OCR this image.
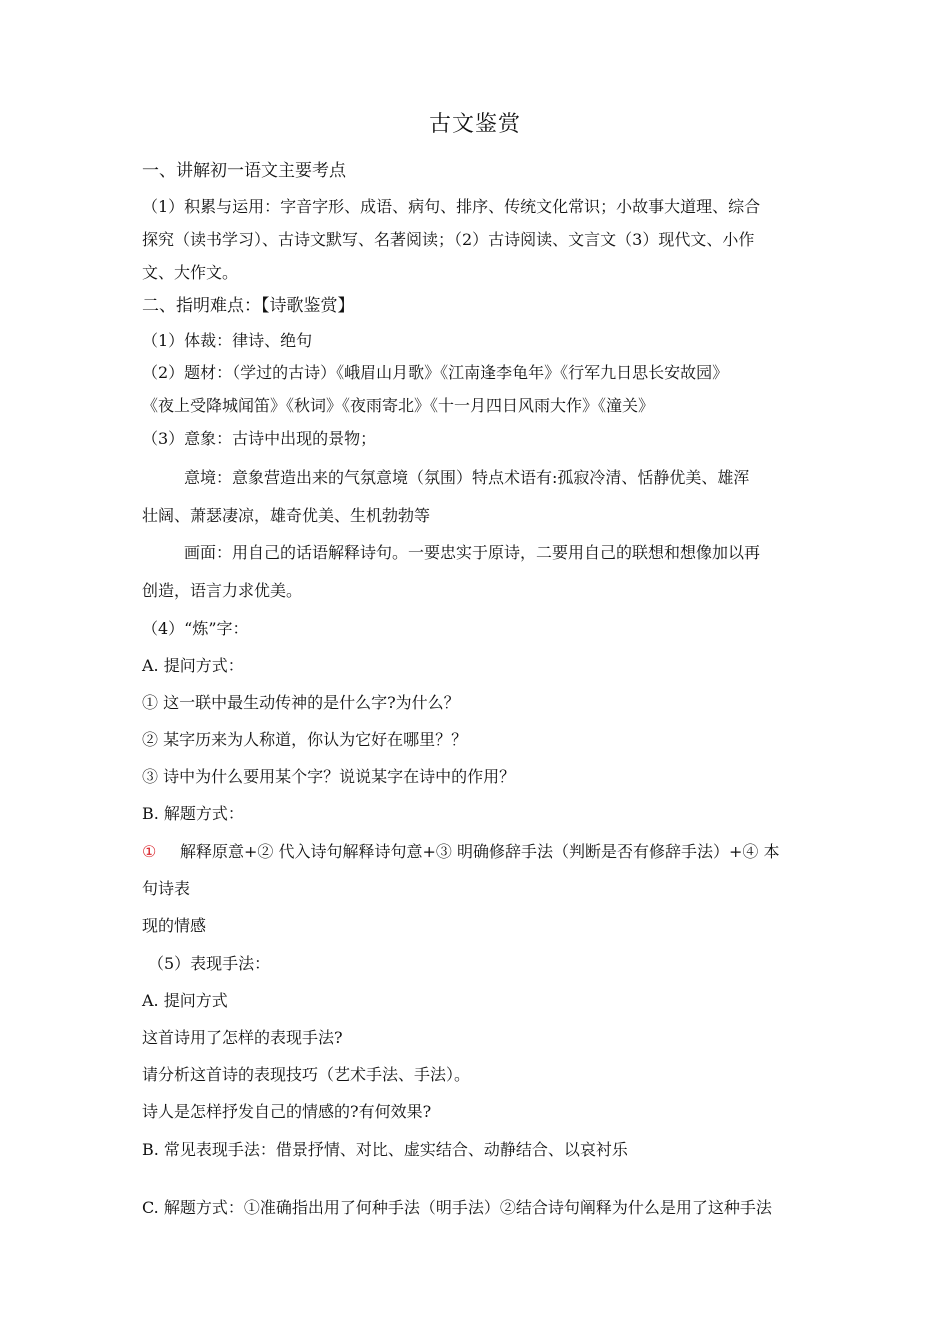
古文鉴赏
一、讲解初一语文主要考点
（1）积累与运用：字音字形、成语、病句、排序、传统文化常识；小故事大道理、综合
探究（读书学习）、古诗文默写、名著阅读；（2）古诗阅读、文言文（3）现代文、小作
文、大作文。
二、指明难点：【诗歌鉴赏】
（1）体裁：律诗、绝句
（2）题材：（学过的古诗）《峨眉山月歌》《江南逢李龟年》《行军九日思长安故园》
《夜上受降城闻笛》《秋词》《夜雨寄北》《十一月四日风雨大作》《潼关》
（3）意象：古诗中出现的景物；
意境：意象营造出来的气氛意境（氛围）特点术语有:孤寂冷清、恬静优美、雄浑
壮阔、萧瑟凄凉，雄奇优美、生机勃勃等
画面：用自己的话语解释诗句。一要忠实于原诗，二要用自己的联想和想像加以再
创造，语言力求优美。
（4）“炼”字：
A. 提问方式：
① 这一联中最生动传神的是什么字?为什么？
② 某字历来为人称道，你认为它好在哪里？？
③ 诗中为什么要用某个字？说说某字在诗中的作用？
B. 解题方式：
① 解释原意+② 代入诗句解释诗句意+③ 明确修辞手法（判断是否有修辞手法）+④ 本
句诗表
现的情感
（5）表现手法：
A. 提问方式
这首诗用了怎样的表现手法?
请分析这首诗的表现技巧（艺术手法、手法）。
诗人是怎样抒发自己的情感的?有何效果?
B. 常见表现手法：借景抒情、对比、虚实结合、动静结合、以哀衬乐
C. 解题方式：①准确指出用了何种手法（明手法）②结合诗句阐释为什么是用了这种手法
